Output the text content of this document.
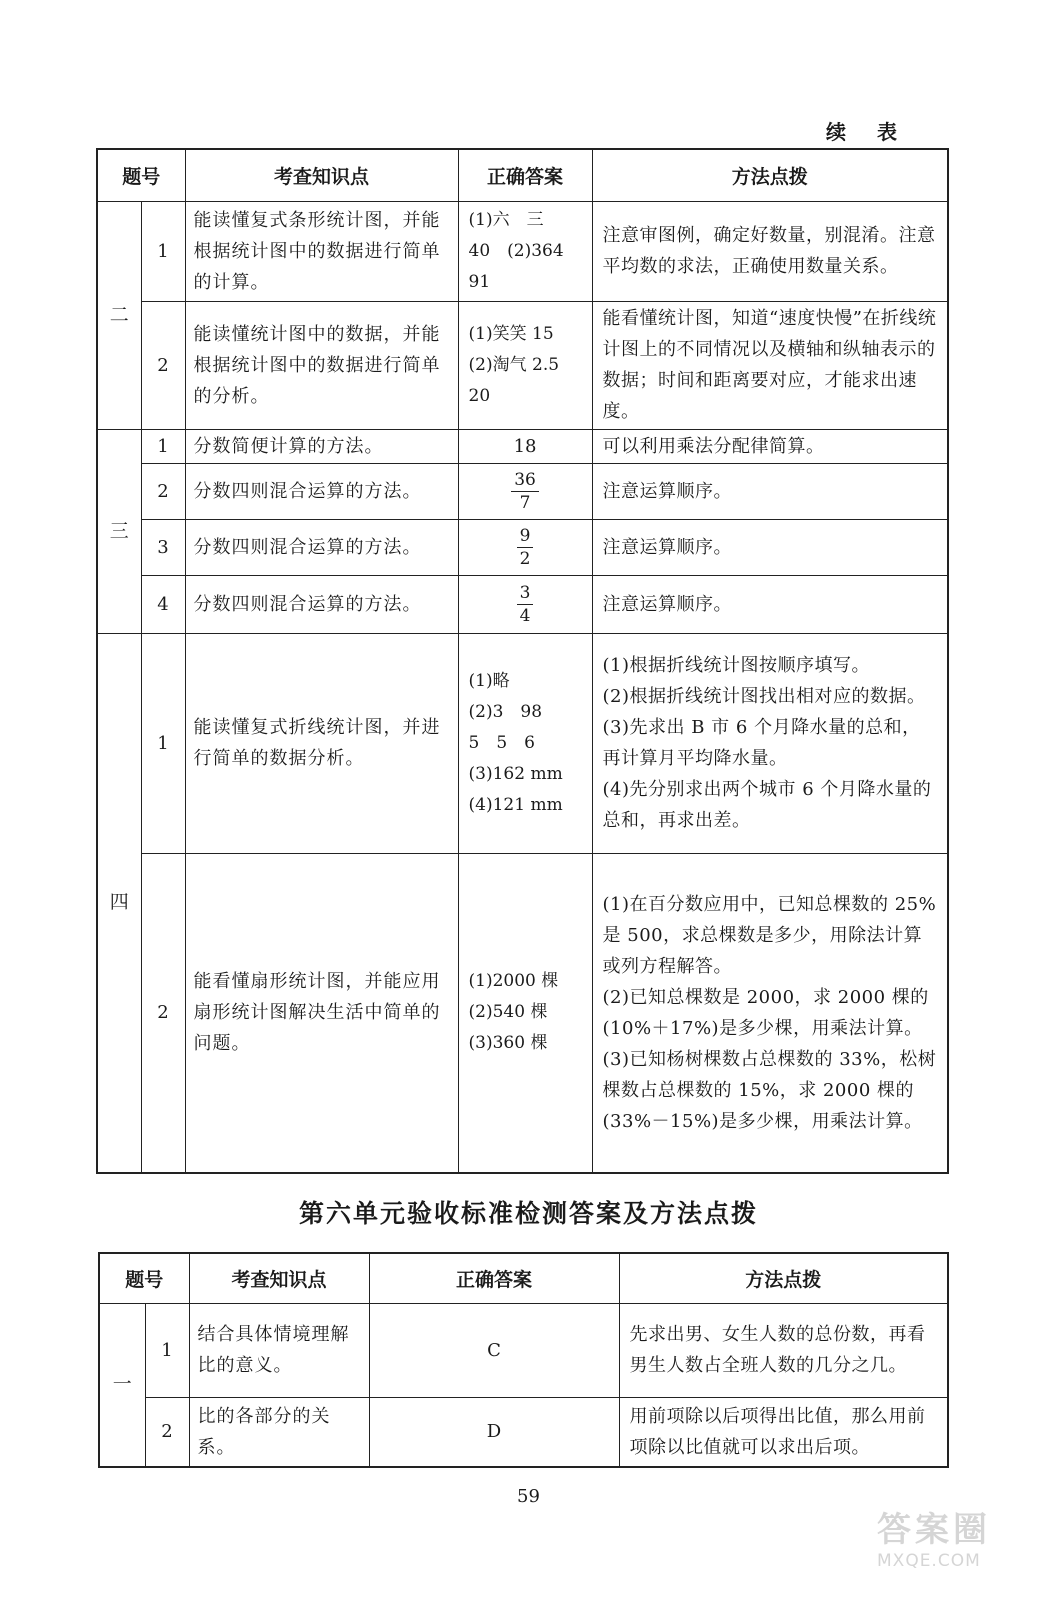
续 表
题号		考查知识点	正确答案	方法点拨
二	1	能读懂复式条形统计图，并能根据统计图中的数据进行简单的计算。	(1)六　三
40　(2)364
91	注意审图例，确定好数量，别混淆。注意平均数的求法，正确使用数量关系。
	2	能读懂统计图中的数据，并能根据统计图中的数据进行简单的分析。	(1)笑笑 15
(2)淘气 2.5
20	能看懂统计图，知道“速度快慢”在折线统计图上的不同情况以及横轴和纵轴表示的数据；时间和距离要对应，才能求出速度。
三	1	分数简便计算的方法。	18	可以利用乘法分配律简算。
	2	分数四则混合运算的方法。	$\frac{36}{7}$	注意运算顺序。
	3	分数四则混合运算的方法。	$\frac{9}{2}$	注意运算顺序。
	4	分数四则混合运算的方法。	$\frac{3}{4}$	注意运算顺序。
四	1	能读懂复式折线统计图，并进行简单的数据分析。	(1)略
(2)3　98
5　5　6
(3)162 mm
(4)121 mm	(1)根据折线统计图按顺序填写。
(2)根据折线统计图找出相对应的数据。
(3)先求出 B 市 6 个月降水量的总和，再计算月平均降水量。
(4)先分别求出两个城市 6 个月降水量的总和，再求出差。

	2	能看懂扇形统计图，并能应用扇形统计图解决生活中简单的问题。	(1)2000 棵
(2)540 棵
(3)360 棵	(1)在百分数应用中，已知总棵数的 25%是 500，求总棵数是多少，用除法计算或列方程解答。
(2)已知总棵数是 2000，求 2000 棵的(10%＋17%)是多少棵，用乘法计算。
(3)已知杨树棵数占总棵数的 33%，松树棵数占总棵数的 15%，求 2000 棵的(33%－15%)是多少棵，用乘法计算。
第六单元验收标准检测答案及方法点拨
题号		考查知识点	正确答案	方法点拨
一	1	结合具体情境理解比的意义。	C	先求出男、女生人数的总份数，再看男生人数占全班人数的几分之几。
	2	比的各部分的关系。	D	用前项除以后项得出比值，那么用前项除以比值就可以求出后项。
59
答案圈
MXQE.COM
